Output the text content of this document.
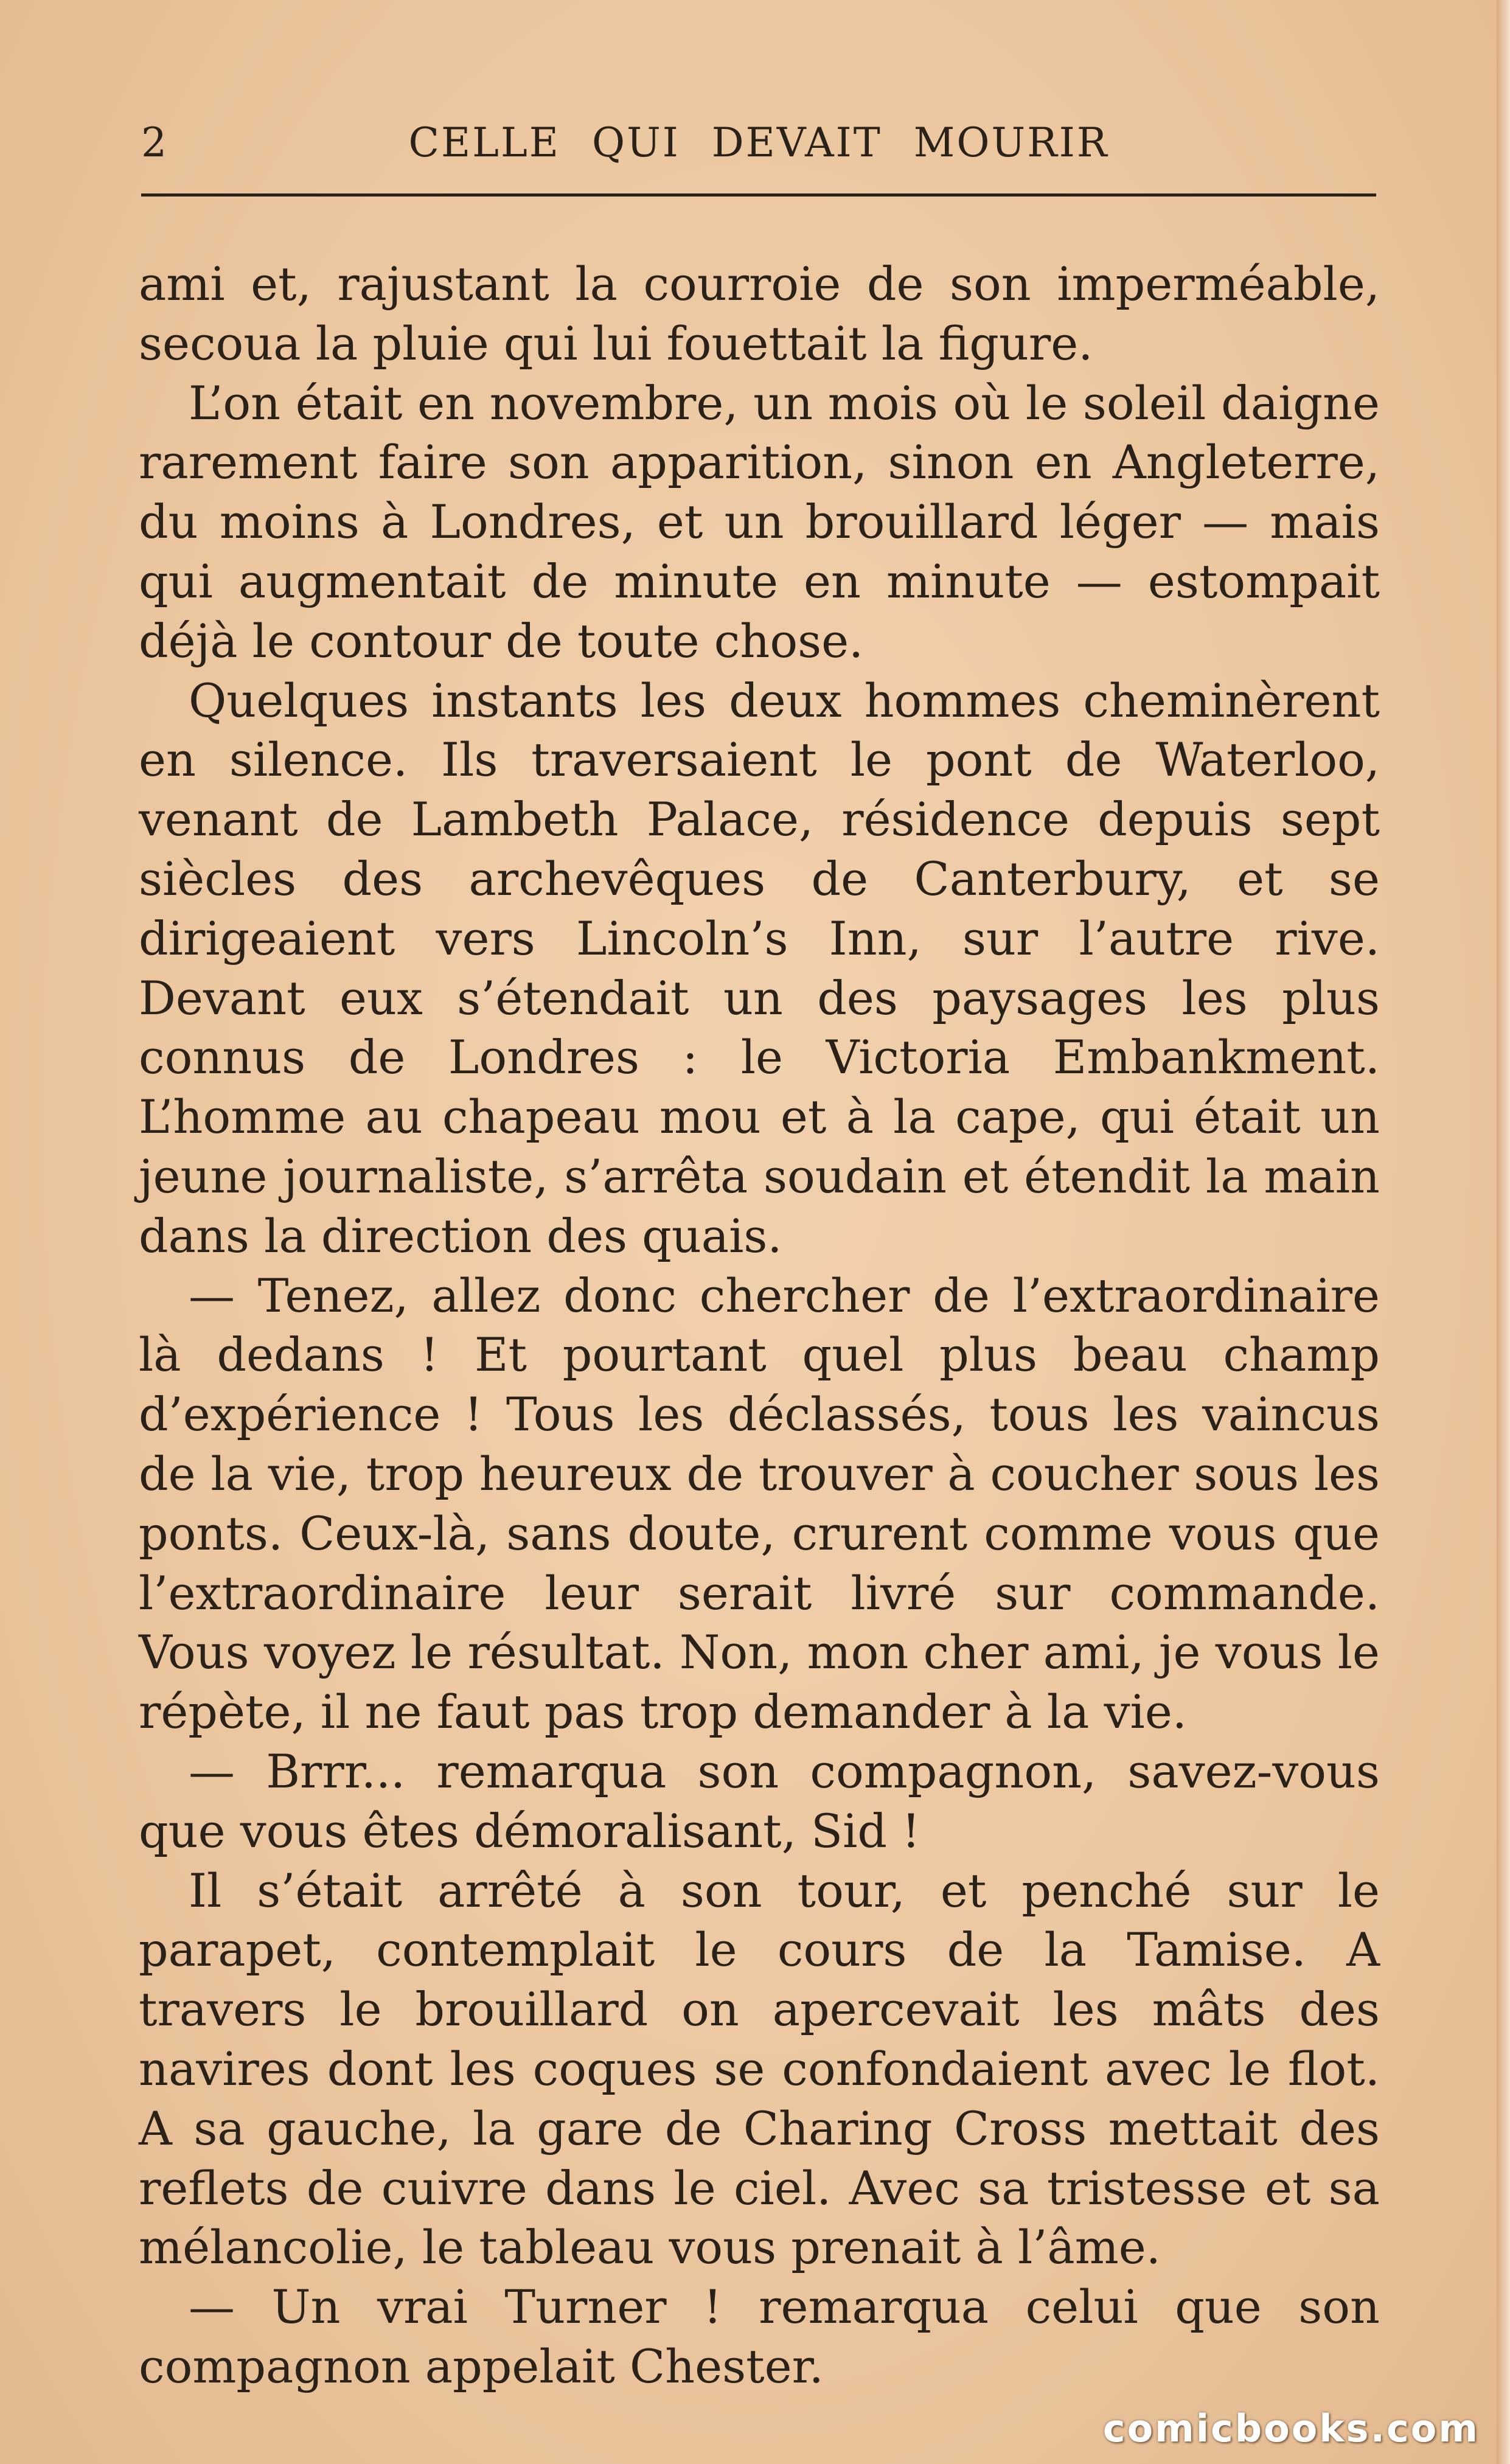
2	CELLE QUI DEVAIT MOURIR

ami et, rajustant la courroie de son imperméable, secoua la pluie qui lui fouettait la figure.

L’on était en novembre, un mois où le soleil daigne rarement faire son apparition, sinon en Angleterre, du moins à Londres, et un brouillard léger — mais qui augmentait de minute en minute — estompait déjà le contour de toute chose.

Quelques instants les deux hommes cheminèrent en silence. Ils traversaient le pont de Waterloo, venant de Lambeth Palace, résidence depuis sept siècles des archevêques de Canterbury, et se dirigeaient vers Lincoln’s Inn, sur l’autre rive. Devant eux s’étendait un des paysages les plus connus de Londres : le Victoria Embankment. L’homme au chapeau mou et à la cape, qui était un jeune journaliste, s’arrêta soudain et étendit la main dans la direction des quais.

— Tenez, allez donc chercher de l’extraordinaire là dedans ! Et pourtant quel plus beau champ d’expérience ! Tous les déclassés, tous les vaincus de la vie, trop heureux de trouver à coucher sous les ponts. Ceux-là, sans doute, crurent comme vous que l’extraordinaire leur serait livré sur commande. Vous voyez le résultat. Non, mon cher ami, je vous le répète, il ne faut pas trop demander à la vie.

— Brrr... remarqua son compagnon, savez-vous que vous êtes démoralisant, Sid !

Il s’était arrêté à son tour, et penché sur le parapet, contemplait le cours de la Tamise. A travers le brouillard on apercevait les mâts des navires dont les coques se confondaient avec le flot. A sa gauche, la gare de Charing Cross mettait des reflets de cuivre dans le ciel. Avec sa tristesse et sa mélancolie, le tableau vous prenait à l’âme.

— Un vrai Turner ! remarqua celui que son compagnon appelait Chester.

comicbooks.com
